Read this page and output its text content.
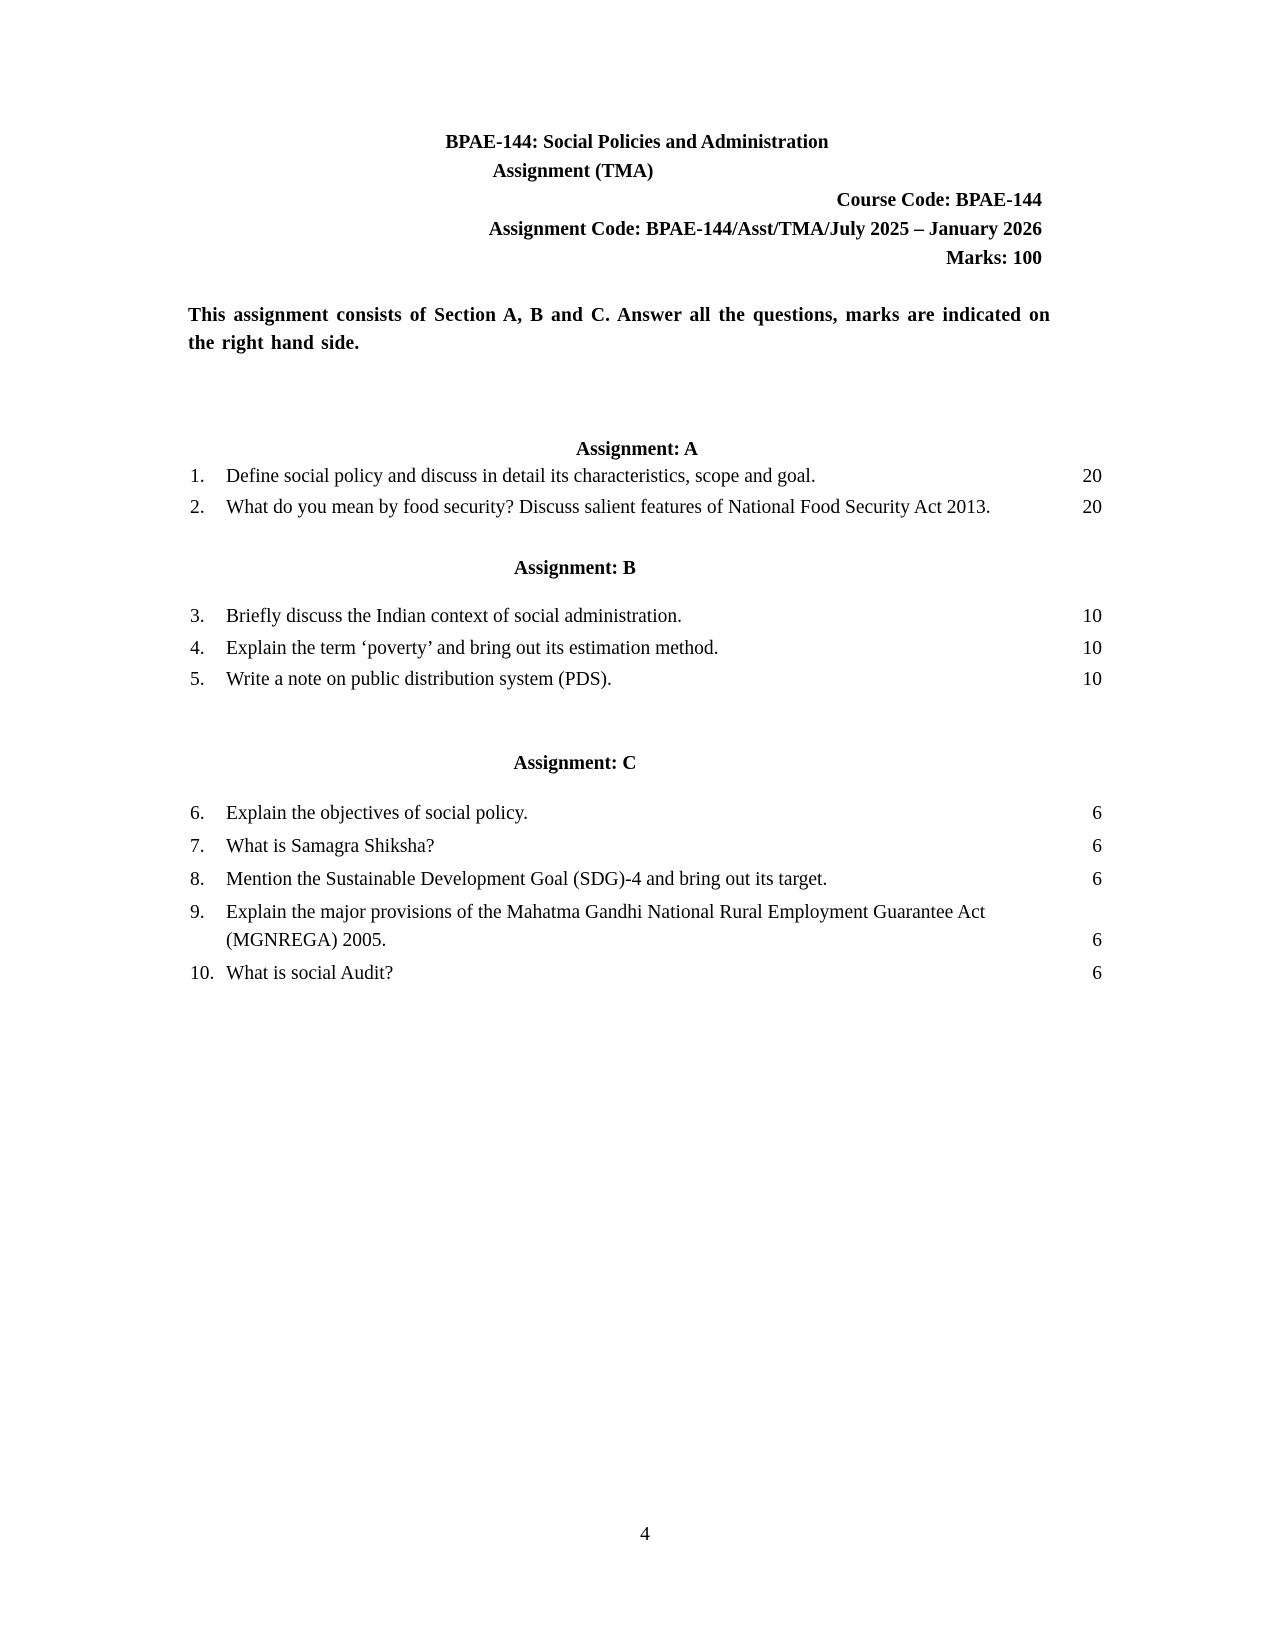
BPAE-144: Social Policies and Administration
Assignment (TMA)
Course Code: BPAE-144
Assignment Code: BPAE-144/Asst/TMA/July 2025 – January 2026
Marks: 100

This assignment consists of Section A, B and C. Answer all the questions, marks are indicated on the right hand side.

Assignment: A
1.	Define social policy and discuss in detail its characteristics, scope and goal.	20
2.	What do you mean by food security? Discuss salient features of National Food Security Act 2013.	20
Assignment: B
3.	Briefly discuss the Indian context of social administration.	10
4.	Explain the term ‘poverty’ and bring out its estimation method.	10
5.	Write a note on public distribution system (PDS).	10
Assignment: C
6.	Explain the objectives of social policy.	6
7.	What is Samagra Shiksha?	6
8.	Mention the Sustainable Development Goal (SDG)-4 and bring out its target.	6
9.	Explain the major provisions of the Mahatma Gandhi National Rural Employment Guarantee Act (MGNREGA) 2005.	6
10. What is social Audit?	6
4
